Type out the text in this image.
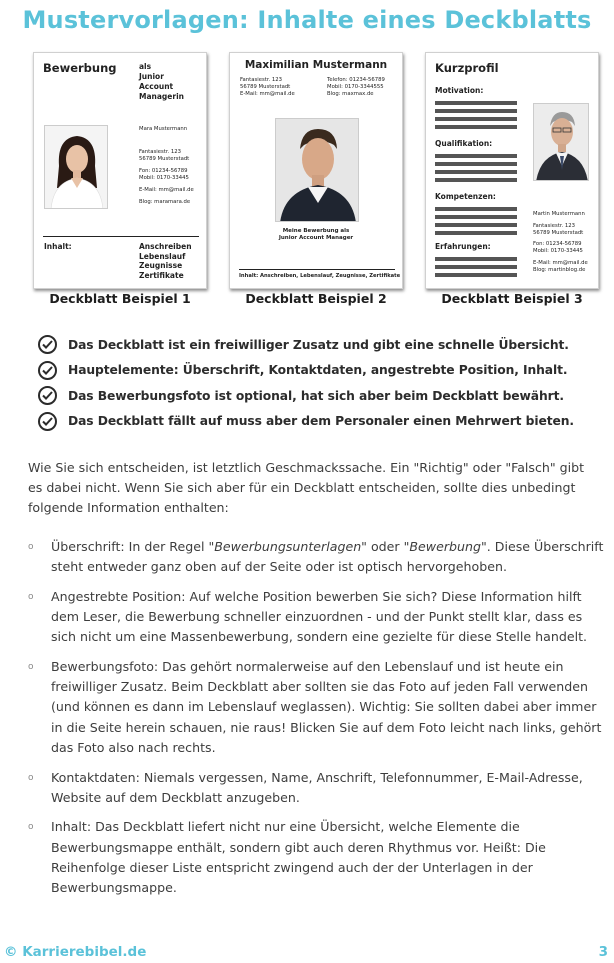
Mustervorlagen: Inhalte eines Deckblatts
Bewerbung	als
Junior
Account
Managerin
Mara Mustermann
Fantasiestr. 123
56789 Musterstadt
Fon: 01234-56789
Mobil: 0170-33445
E-Mail: mm@mail.de
Blog: maramara.de
Inhalt:	Anschreiben
Lebenslauf
Zeugnisse
Zertifikate
Deckblatt Beispiel 1
Maximilian Mustermann
Fantasiestr. 123
56789 Musterstadt
E-Mail: mm@mail.de
Telefon: 01234-56789
Mobil: 0170-3344555
Blog: maxmax.de
Meine Bewerbung als
Junior Account Manager
Inhalt: Anschreiben, Lebenslauf, Zeugnisse, Zertifikate
Deckblatt Beispiel 2
Kurzprofil
Motivation:
Qualifikation:
Kompetenzen:
Erfahrungen:
Martin Mustermann
Fantasiestr. 123
56789 Musterstadt
Fon: 01234-56789
Mobil: 0170-33445
E-Mail: mm@mail.de
Blog: martinblog.de
Deckblatt Beispiel 3
Das Deckblatt ist ein freiwilliger Zusatz und gibt eine schnelle Übersicht.
Hauptelemente: Überschrift, Kontaktdaten, angestrebte Position, Inhalt.
Das Bewerbungsfoto ist optional, hat sich aber beim Deckblatt bewährt.
Das Deckblatt fällt auf muss aber dem Personaler einen Mehrwert bieten.

Wie Sie sich entscheiden, ist letztlich Geschmackssache. Ein "Richtig" oder "Falsch" gibt es dabei nicht. Wenn Sie sich aber für ein Deckblatt entscheiden, sollte dies unbedingt folgende Information enthalten:

o Überschrift: In der Regel "Bewerbungsunterlagen" oder "Bewerbung". Diese Überschrift steht entweder ganz oben auf der Seite oder ist optisch hervorgehoben.
o Angestrebte Position: Auf welche Position bewerben Sie sich? Diese Information hilft dem Leser, die Bewerbung schneller einzuordnen - und der Punkt stellt klar, dass es sich nicht um eine Massenbewerbung, sondern eine gezielte für diese Stelle handelt.
o Bewerbungsfoto: Das gehört normalerweise auf den Lebenslauf und ist heute ein freiwilliger Zusatz. Beim Deckblatt aber sollten sie das Foto auf jeden Fall verwenden (und können es dann im Lebenslauf weglassen). Wichtig: Sie sollten dabei aber immer in die Seite herein schauen, nie raus! Blicken Sie auf dem Foto leicht nach links, gehört das Foto also nach rechts.
o Kontaktdaten: Niemals vergessen, Name, Anschrift, Telefonnummer, E-Mail-Adresse, Website auf dem Deckblatt anzugeben.
o Inhalt: Das Deckblatt liefert nicht nur eine Übersicht, welche Elemente die Bewerbungsmappe enthält, sondern gibt auch deren Rhythmus vor. Heißt: Die Reihenfolge dieser Liste entspricht zwingend auch der der Unterlagen in der Bewerbungsmappe.
© Karrierebibel.de	3
